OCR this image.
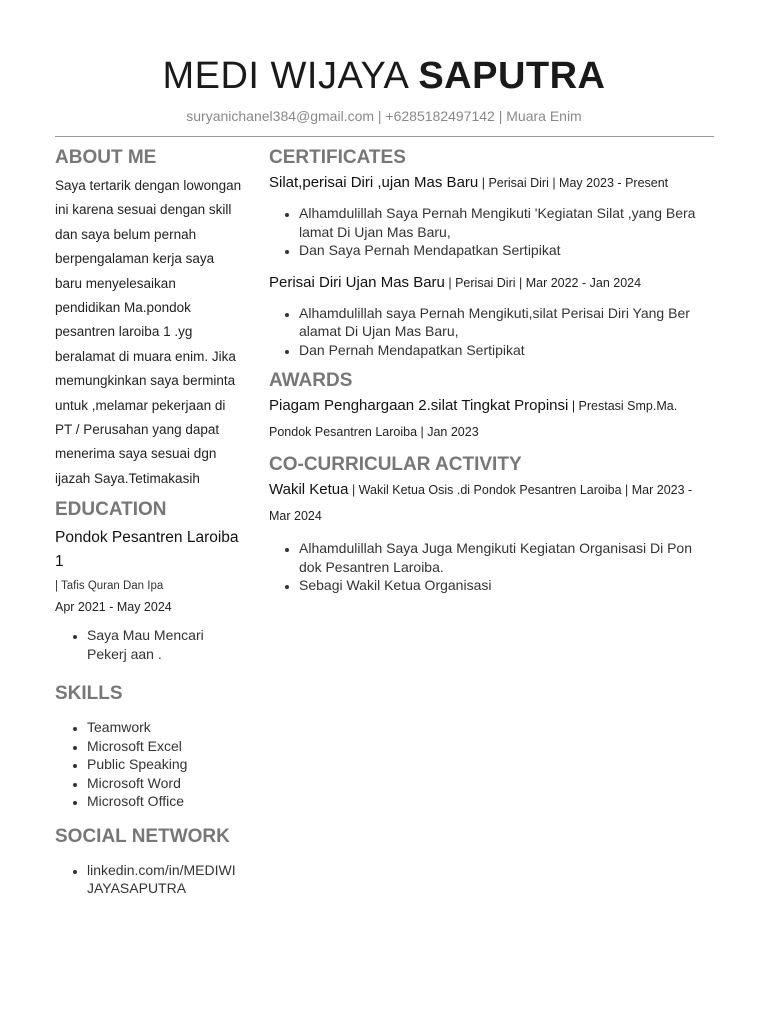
MEDI WIJAYA SAPUTRA
suryanichanel384@gmail.com | +6285182497142 | Muara Enim
ABOUT ME
Saya tertarik dengan lowongan
ini karena sesuai dengan skill
dan saya belum pernah
berpengalaman kerja saya
baru menyelesaikan
pendidikan Ma.pondok
pesantren laroiba 1 .yg
beralamat di muara enim. Jika
memungkinkan saya berminta
untuk ,melamar pekerjaan di
PT / Perusahan yang dapat
menerima saya sesuai dgn
ijazah Saya.Tetimakasih
EDUCATION
Pondok Pesantren Laroiba
1
| Tafis Quran Dan Ipa
Apr 2021 - May 2024
• Saya Mau Mencari Pekerj aan .
SKILLS
• Teamwork
• Microsoft Excel
• Public Speaking
• Microsoft Word
• Microsoft Office
SOCIAL NETWORK
• linkedin.com/in/MEDIWI JAYASAPUTRA
CERTIFICATES
Silat,perisai Diri ,ujan Mas Baru | Perisai Diri | May 2023 - Present
• Alhamdulillah Saya Pernah Mengikuti 'Kegiatan Silat ,yang Bera lamat Di Ujan Mas Baru,
• Dan Saya Pernah Mendapatkan Sertipikat
Perisai Diri Ujan Mas Baru | Perisai Diri | Mar 2022 - Jan 2024
• Alhamdulillah saya Pernah Mengikuti,silat Perisai Diri Yang Ber alamat Di Ujan Mas Baru,
• Dan Pernah Mendapatkan Sertipikat
AWARDS
Piagam Penghargaan 2.silat Tingkat Propinsi | Prestasi Smp.Ma. Pondok Pesantren Laroiba | Jan 2023
CO-CURRICULAR ACTIVITY
Wakil Ketua | Wakil Ketua Osis .di Pondok Pesantren Laroiba | Mar 2023 - Mar 2024
• Alhamdulillah Saya Juga Mengikuti Kegiatan Organisasi Di Pon dok Pesantren Laroiba.
• Sebagi Wakil Ketua Organisasi
